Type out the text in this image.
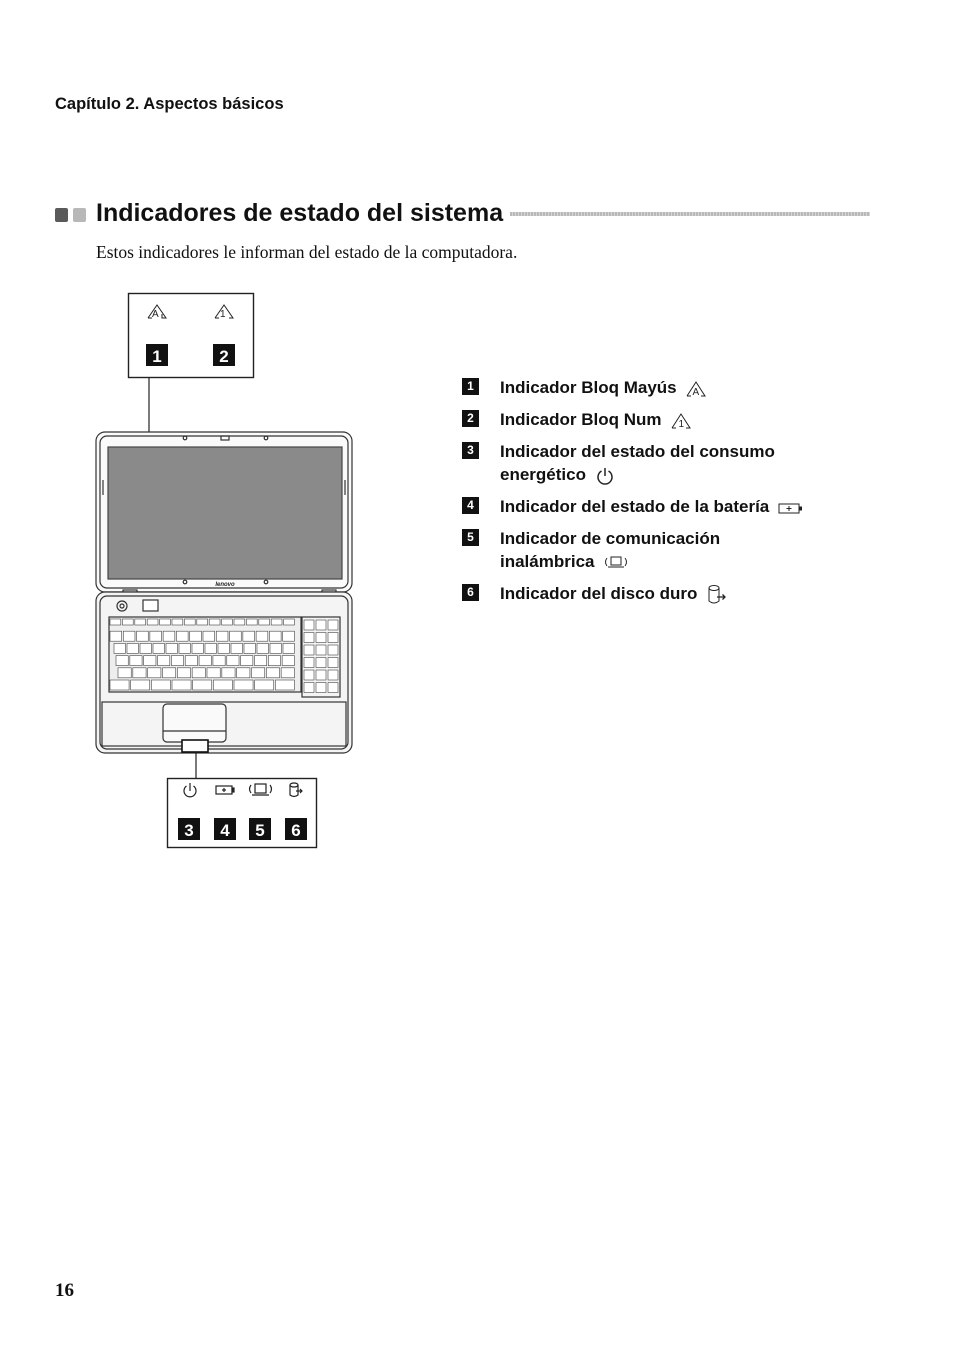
Capítulo 2. Aspectos básicos
Indicadores de estado del sistema
Estos indicadores le informan del estado de la computadora.
A	1
1	2
3 4 5 6
lenovo
1	Indicador Bloq Mayús A
2	Indicador Bloq Num 1
3	Indicador del estado del consumo energético
4	Indicador del estado de la batería
5	Indicador de comunicación inalámbrica
6	Indicador del disco duro
16
